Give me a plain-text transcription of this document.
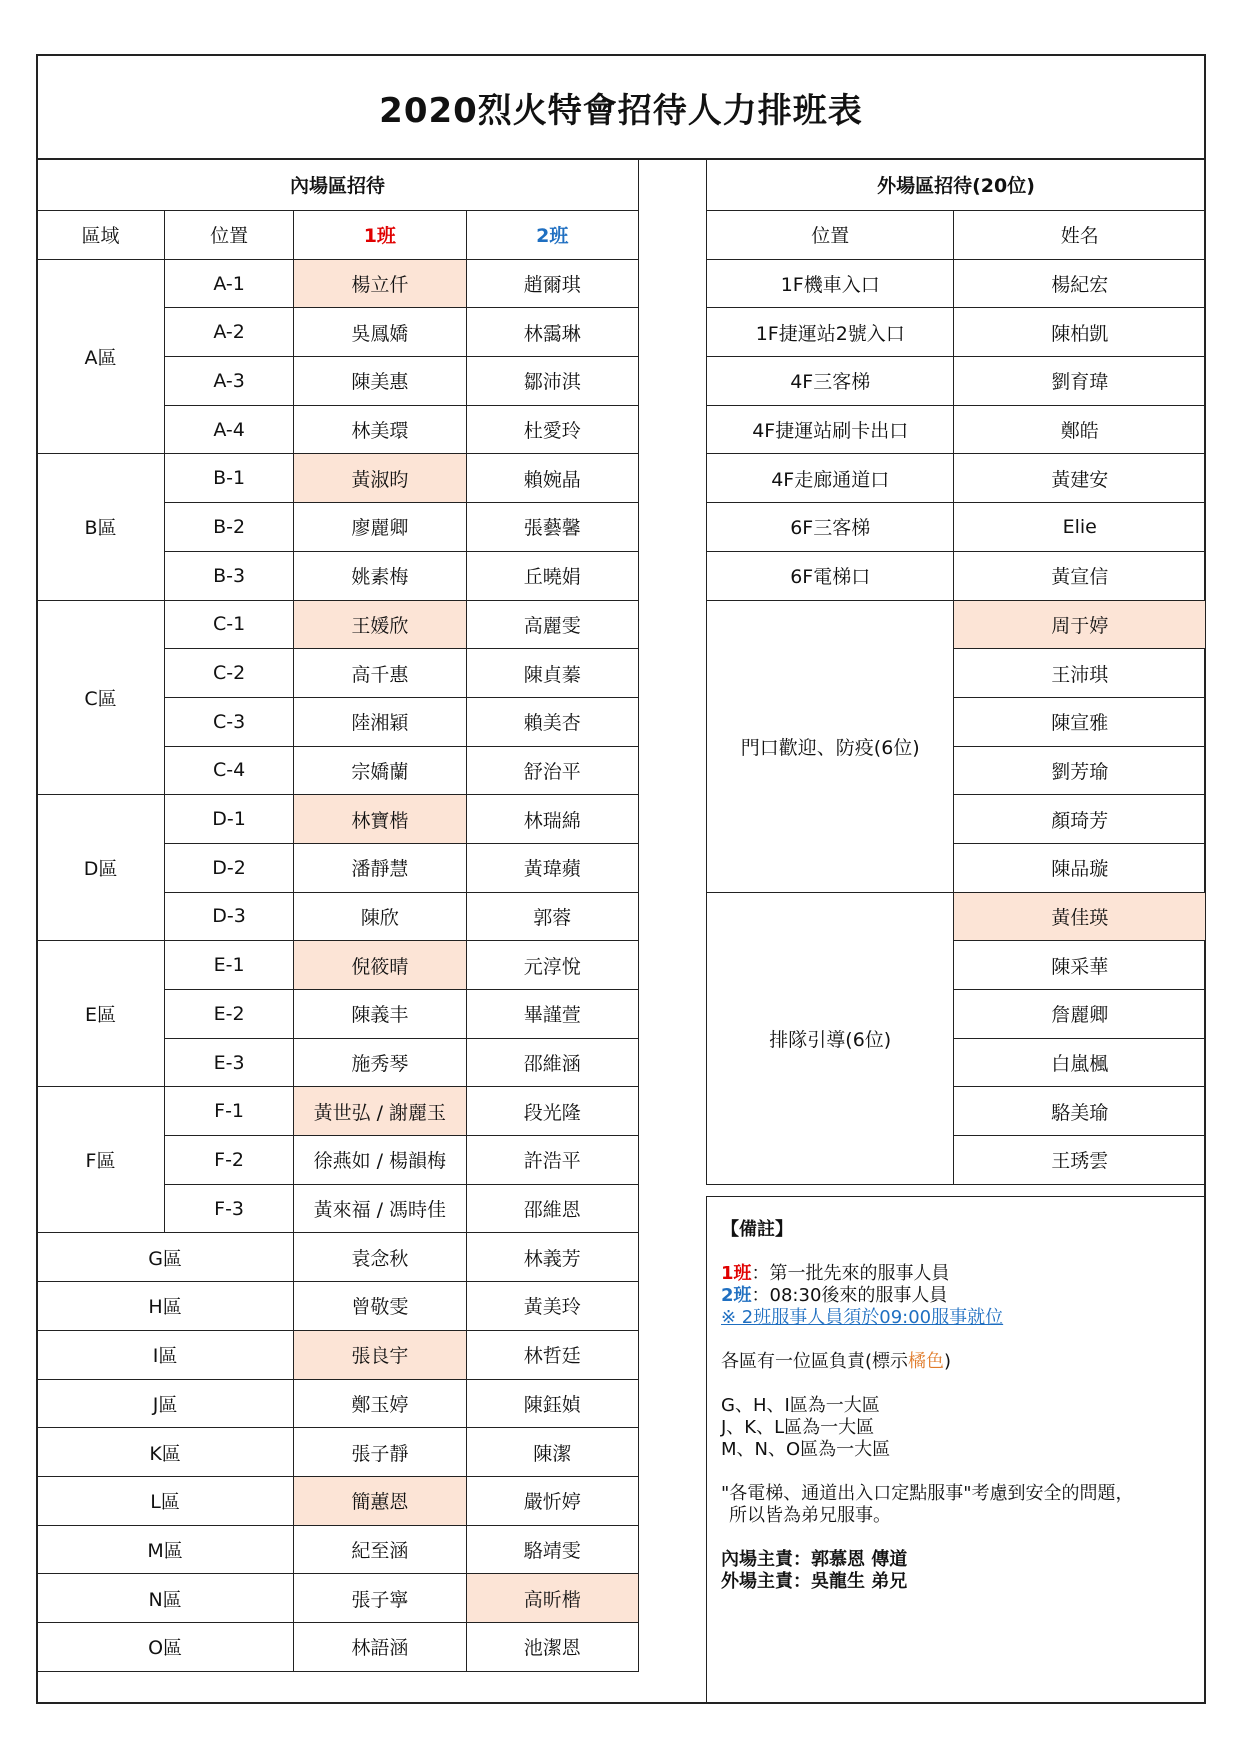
2020烈火特會招待人力排班表
內場區招待			
區域	位置	1班	2班
A區	A-1	楊立仟	趙爾琪
	A-2	吳鳳嬌	林靄琳
	A-3	陳美惠	鄒沛淇
	A-4	林美環	杜愛玲
B區	B-1	黃淑昀	賴婉晶
	B-2	廖麗卿	張藝馨
	B-3	姚素梅	丘曉娟
C區	C-1	王媛欣	高麗雯
	C-2	高千惠	陳貞蓁
	C-3	陸湘穎	賴美杏
	C-4	宗嬌蘭	舒治平
D區	D-1	林寶楷	林瑞綿
	D-2	潘靜慧	黃瑋蘋
	D-3	陳欣	郭蓉
E區	E-1	倪筱晴	元淳悅
	E-2	陳義丰	畢謹萱
	E-3	施秀琴	邵維涵
F區	F-1	黃世弘 / 謝麗玉	段光隆
	F-2	徐燕如 / 楊韻梅	許浩平
	F-3	黃來福 / 馮時佳	邵維恩
G區		袁念秋	林義芳
H區		曾敬雯	黃美玲
I區		張良宇	林哲廷
J區		鄭玉婷	陳鈺媜
K區		張子靜	陳潔
L區		簡蕙恩	嚴忻婷
M區		紀至涵	駱靖雯
N區		張子寧	高昕楷
O區		林語涵	池潔恩
外場區招待(20位)	
位置	姓名
1F機車入口	楊紀宏
1F捷運站2號入口	陳柏凱
4F三客梯	劉育瑋
4F捷運站刷卡出口	鄭皓
4F走廊通道口	黃建安
6F三客梯	Elie
6F電梯口	黃宣信
門口歡迎、防疫(6位)	周于婷
	王沛琪
	陳宣雅
	劉芳瑜
	顏琦芳
	陳品璇
排隊引導(6位)	黃佳瑛
	陳采華
	詹麗卿
	白嵐楓
	駱美瑜
	王琇雲
【備註】
1班：第一批先來的服事人員
2班：08:30後來的服事人員
※ 2班服事人員須於09:00服事就位
各區有一位區負責(標示橘色)
G、H、I區為一大區
J、K、L區為一大區
M、N、O區為一大區
"各電梯、通道出入口定點服事"考慮到安全的問題，
所以皆為弟兄服事。
內場主責：郭慕恩 傳道
外場主責：吳龍生 弟兄
